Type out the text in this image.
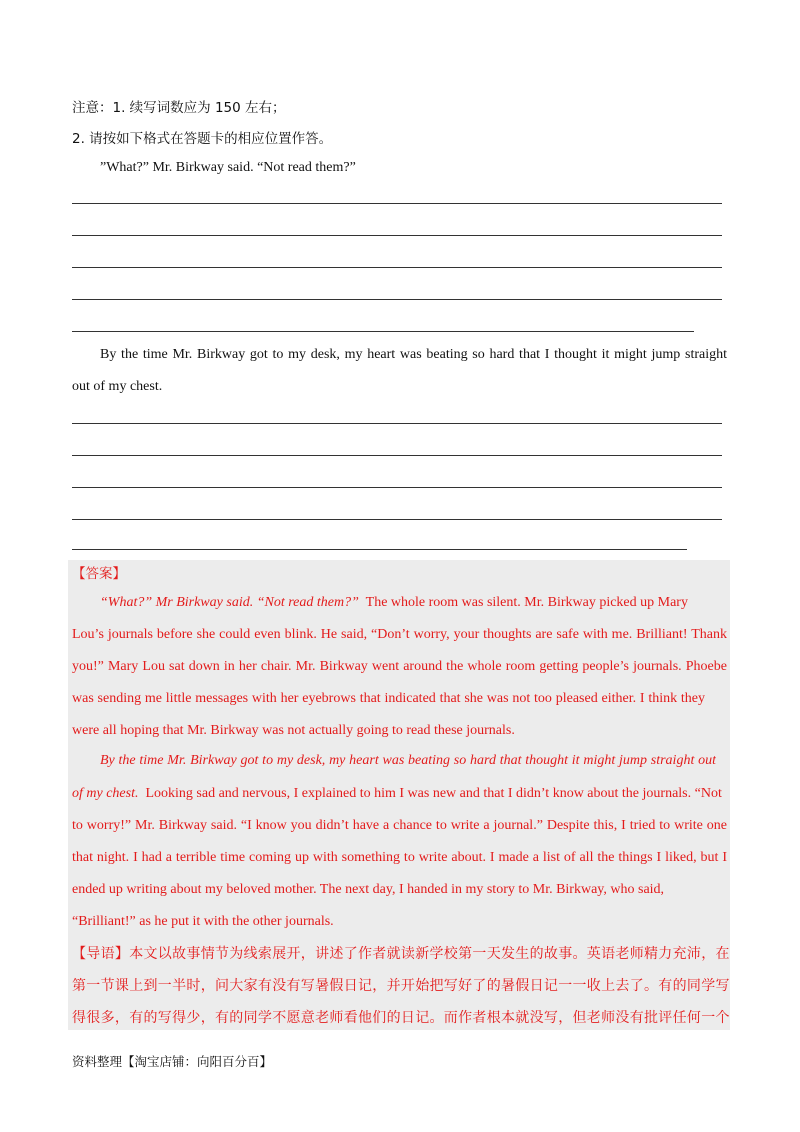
注意：1. 续写词数应为 150 左右；
2. 请按如下格式在答题卡的相应位置作答。
”What?” Mr. Birkway said. “Not read them?”
By the time Mr. Birkway got to my desk, my heart was beating so hard that I thought it might jump straight
out of my chest.
【答案】
“What?” Mr Birkway said. “Not read them?”  The whole room was silent. Mr. Birkway picked up Mary
Lou’s journals before she could even blink. He said, “Don’t worry, your thoughts are safe with me. Brilliant! Thank
you!” Mary Lou sat down in her chair. Mr. Birkway went around the whole room getting people’s journals. Phoebe
was sending me little messages with her eyebrows that indicated that she was not too pleased either. I think they
were all hoping that Mr. Birkway was not actually going to read these journals.
By the time Mr. Birkway got to my desk, my heart was beating so hard that thought it might jump straight out
of my chest.  Looking sad and nervous, I explained to him I was new and that I didn’t know about the journals. “Not
to worry!” Mr. Birkway said. “I know you didn’t have a chance to write a journal.” Despite this, I tried to write one
that night. I had a terrible time coming up with something to write about. I made a list of all the things I liked, but I
ended up writing about my beloved mother. The next day, I handed in my story to Mr. Birkway, who said,
“Brilliant!” as he put it with the other journals.
【导语】本文以故事情节为线索展开，讲述了作者就读新学校第一天发生的故事。英语老师精力充沛，在
第一节课上到一半时，问大家有没有写暑假日记，并开始把写好了的暑假日记一一收上去了。有的同学写
得很多，有的写得少，有的同学不愿意老师看他们的日记。而作者根本就没写，但老师没有批评任何一个
资料整理【淘宝店铺：向阳百分百】
